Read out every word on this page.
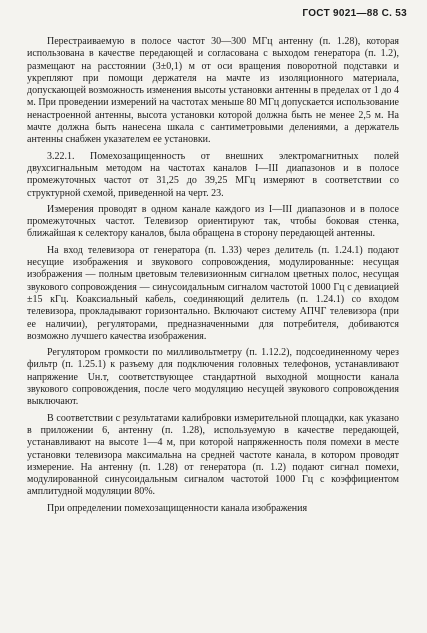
ГОСТ 9021—88 С. 53

Перестраиваемую в полосе частот 30—300 МГц антенну (п. 1.28), которая использована в качестве передающей и согласована с выходом генератора (п. 1.2), размещают на расстоянии (3±0,1) м от оси вращения поворотной подставки и укрепляют при помощи держателя на мачте из изоляционного материала, допускающей возможность изменения высоты установки антенны в пределах от 1 до 4 м. При проведении измерений на частотах меньше 80 МГц допускается использование ненастроенной антенны, высота установки которой должна быть не менее 2,5 м. На мачте должна быть нанесена шкала с сантиметровыми делениями, а держатель антенны снабжен указателем ее установки.

3.22.1. Помехозащищенность от внешних электромагнитных полей двухсигнальным методом на частотах каналов I—III диапазонов и в полосе промежуточных частот от 31,25 до 39,25 МГц измеряют в соответствии со структурной схемой, приведенной на черт. 23.

Измерения проводят в одном канале каждого из I—III диапазонов и в полосе промежуточных частот. Телевизор ориентируют так, чтобы боковая стенка, ближайшая к селектору каналов, была обращена в сторону передающей антенны.

На вход телевизора от генератора (п. 1.33) через делитель (п. 1.24.1) подают несущие изображения и звукового сопровождения, модулированные: несущая изображения — полным цветовым телевизионным сигналом цветных полос, несущая звукового сопровождения — синусоидальным сигналом частотой 1000 Гц с девиацией ±15 кГц. Коаксиальный кабель, соединяющий делитель (п. 1.24.1) со входом телевизора, прокладывают горизонтально. Включают систему АПЧГ телевизора (при ее наличии), регуляторами, предназначенными для потребителя, добиваются возможно лучшего качества изображения.

Регулятором громкости по милливольтметру (п. 1.12.2), подсоединенному через фильтр (п. 1.25.1) к разъему для подключения головных телефонов, устанавливают напряжение Uн.т, соответствующее стандартной выходной мощности канала звукового сопровождения, после чего модуляцию несущей звукового сопровождения выключают.

В соответствии с результатами калибровки измерительной площадки, как указано в приложении 6, антенну (п. 1.28), используемую в качестве передающей, устанавливают на высоте 1—4 м, при которой напряженность поля помехи в месте установки телевизора максимальна на средней частоте канала, в котором проводят измерение. На антенну (п. 1.28) от генератора (п. 1.2) подают сигнал помехи, модулированной синусоидальным сигналом частотой 1000 Гц с коэффициентом амплитудной модуляции 80%.

При определении помехозащищенности канала изображения
